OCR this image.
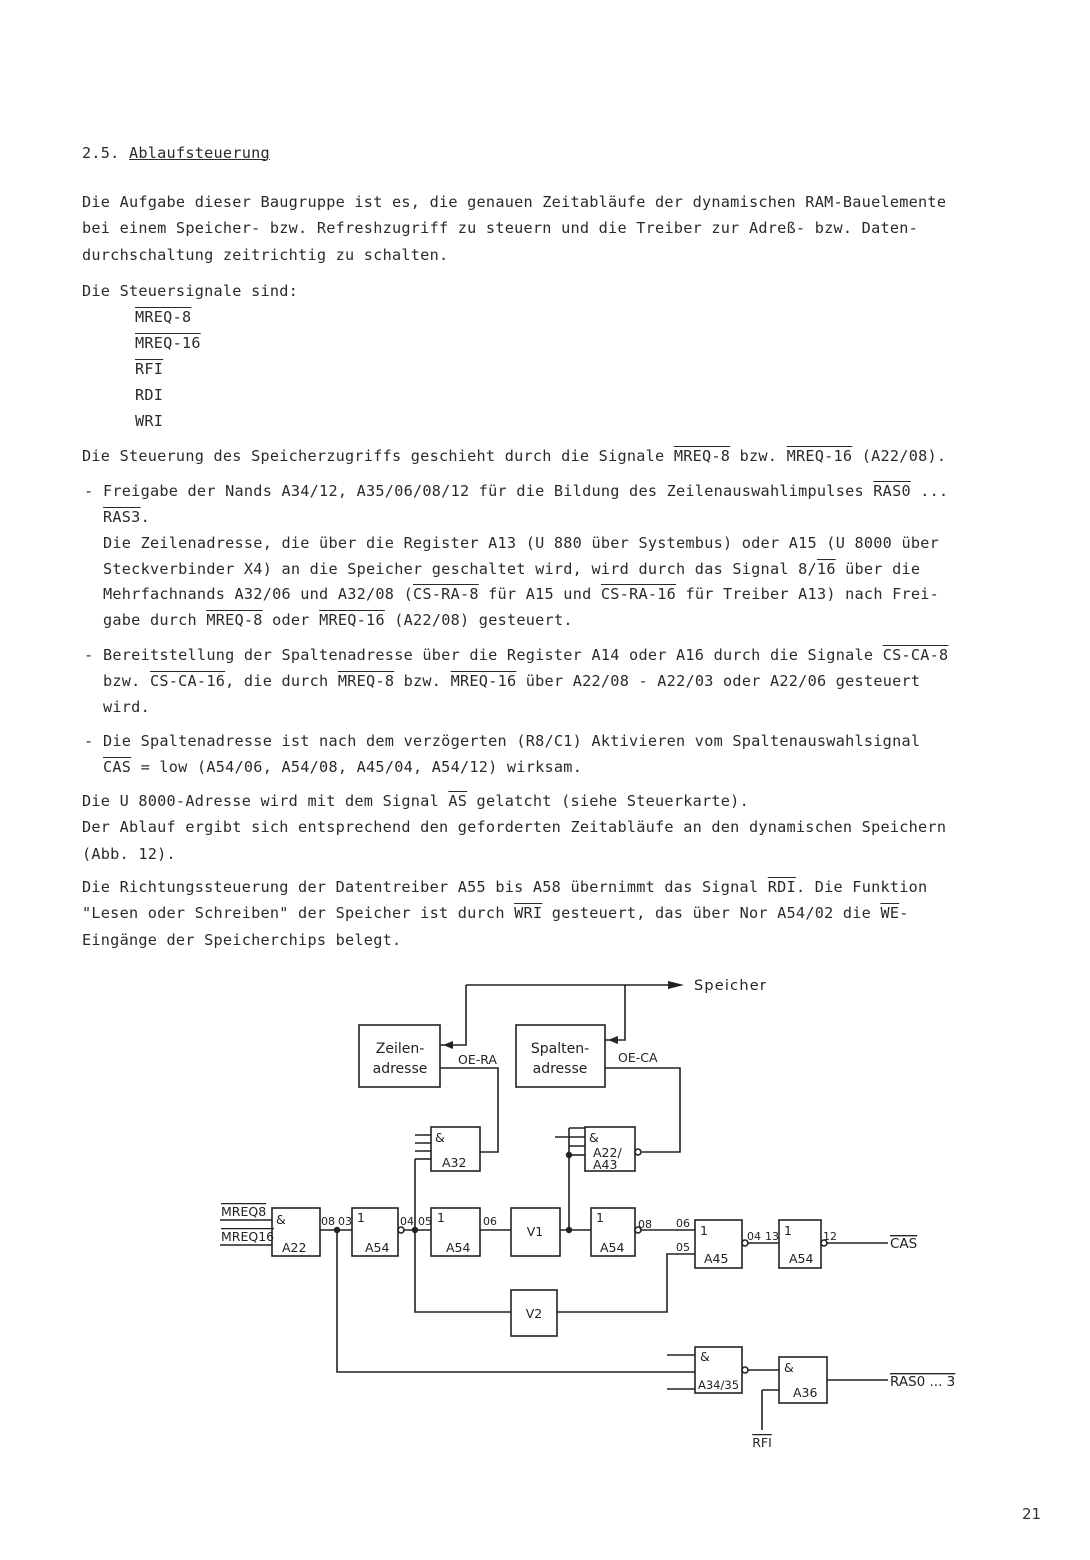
2.5. Ablaufsteuerung
Die Aufgabe dieser Baugruppe ist es, die genauen Zeitabläufe der dynamischen RAM-Bauelemente
bei einem Speicher- bzw. Refreshzugriff zu steuern und die Treiber zur Adreß- bzw. Daten-
durchschaltung zeitrichtig zu schalten.
Die Steuersignale sind:
MREQ-8
MREQ-16
$\overline{RFI}$
RDI
WRI
Die Steuerung des Speicherzugriffs geschieht durch die Signale MREQ-8 bzw. MREQ-16 (A22/08).
- Freigabe der Nands A34/12, A35/06/08/12 für die Bildung des Zeilenauswahlimpulses RAS0 ...
RAS3.
Die Zeilenadresse, die über die Register A13 (U 880 über Systembus) oder A15 (U 8000 über
Steckverbinder X4) an die Speicher geschaltet wird, wird durch das Signal 8/16 über die
Mehrfachnands A32/06 und A32/08 (CS-RA-8 für A15 und CS-RA-16 für Treiber A13) nach Frei-
gabe durch MREQ-8 oder MREQ-16 (A22/08) gesteuert.
- Bereitstellung der Spaltenadresse über die Register A14 oder A16 durch die Signale CS-CA-8
bzw. CS-CA-16, die durch MREQ-8 bzw. MREQ-16 über A22/08 - A22/03 oder A22/06 gesteuert
wird.
- Die Spaltenadresse ist nach dem verzögerten (R8/C1) Aktivieren vom Spaltenauswahlsignal
$\overline{CAS}$ = low (A54/06, A54/08, A45/04, A54/12) wirksam.
Die U 8000-Adresse wird mit dem Signal $\overline{AS}$ gelatcht (siehe Steuerkarte).
Der Ablauf ergibt sich entsprechend den geforderten Zeitabläufe an den dynamischen Speichern
(Abb. 12).
Die Richtungssteuerung der Datentreiber A55 bis A58 übernimmt das Signal $\overline{RDI}$. Die Funktion
"Lesen oder Schreiben" der Speicher ist durch $\overline{WRI}$ gesteuert, das über Nor A54/02 die $\overline{WE}-$
Eingänge der Speicherchips belegt.
Speicher
Zeilen-
adresse
Spalten-
adresse
OE-RA	OE-CA
&
A32
&
A22/
A43
MREQ8
MREQ16
&
A22
08 03 1
A54
04 05 1
A54
06
V1
1
A54
08 06
05
1
A45
04 13 1
A54
12	CAS
V2
&
A34/35
&
A36
RAS0 ... 3
RFI
21
